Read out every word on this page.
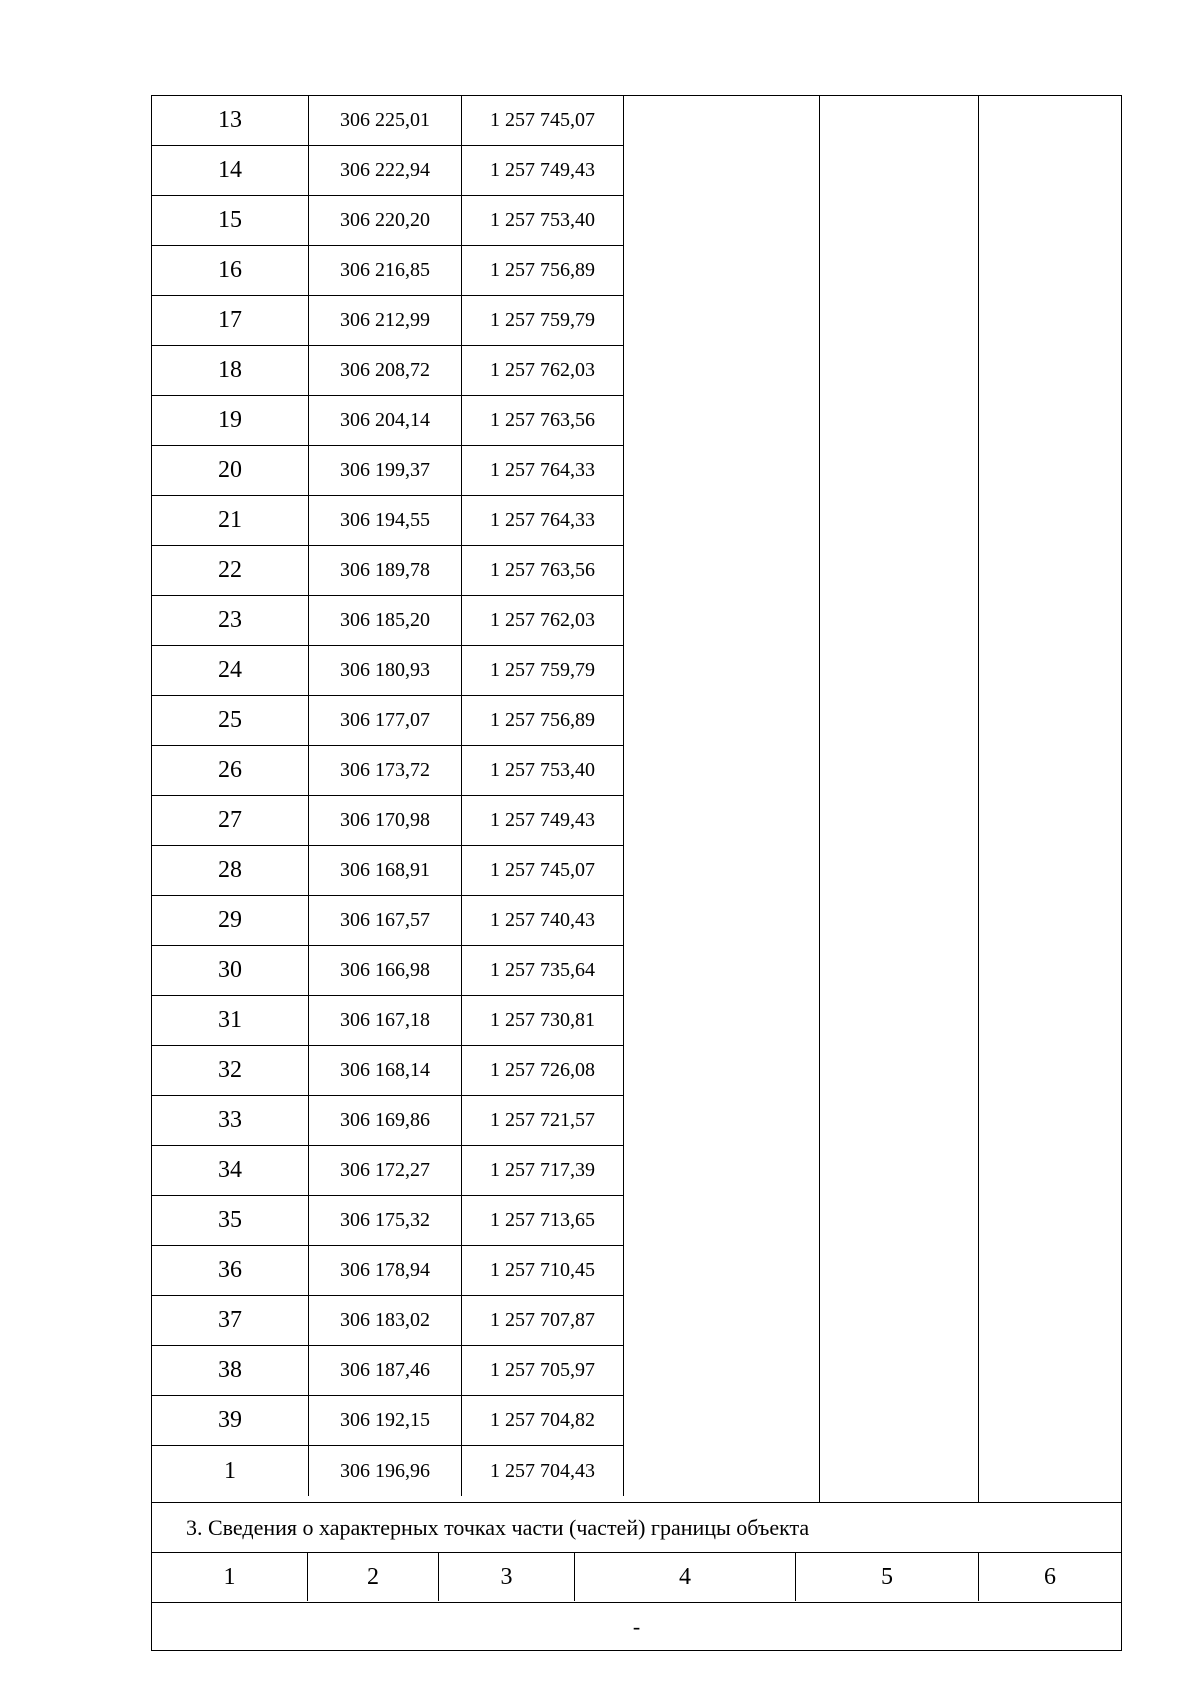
13	306 225,01	1 257 745,07
14	306 222,94	1 257 749,43
15	306 220,20	1 257 753,40
16	306 216,85	1 257 756,89
17	306 212,99	1 257 759,79
18	306 208,72	1 257 762,03
19	306 204,14	1 257 763,56
20	306 199,37	1 257 764,33
21	306 194,55	1 257 764,33
22	306 189,78	1 257 763,56
23	306 185,20	1 257 762,03
24	306 180,93	1 257 759,79
25	306 177,07	1 257 756,89
26	306 173,72	1 257 753,40
27	306 170,98	1 257 749,43
28	306 168,91	1 257 745,07
29	306 167,57	1 257 740,43
30	306 166,98	1 257 735,64
31	306 167,18	1 257 730,81
32	306 168,14	1 257 726,08
33	306 169,86	1 257 721,57
34	306 172,27	1 257 717,39
35	306 175,32	1 257 713,65
36	306 178,94	1 257 710,45
37	306 183,02	1 257 707,87
38	306 187,46	1 257 705,97
39	306 192,15	1 257 704,82
1	306 196,96	1 257 704,43
3. Сведения о характерных точках части (частей) границы объекта
1	2	3	4	5	6
-
